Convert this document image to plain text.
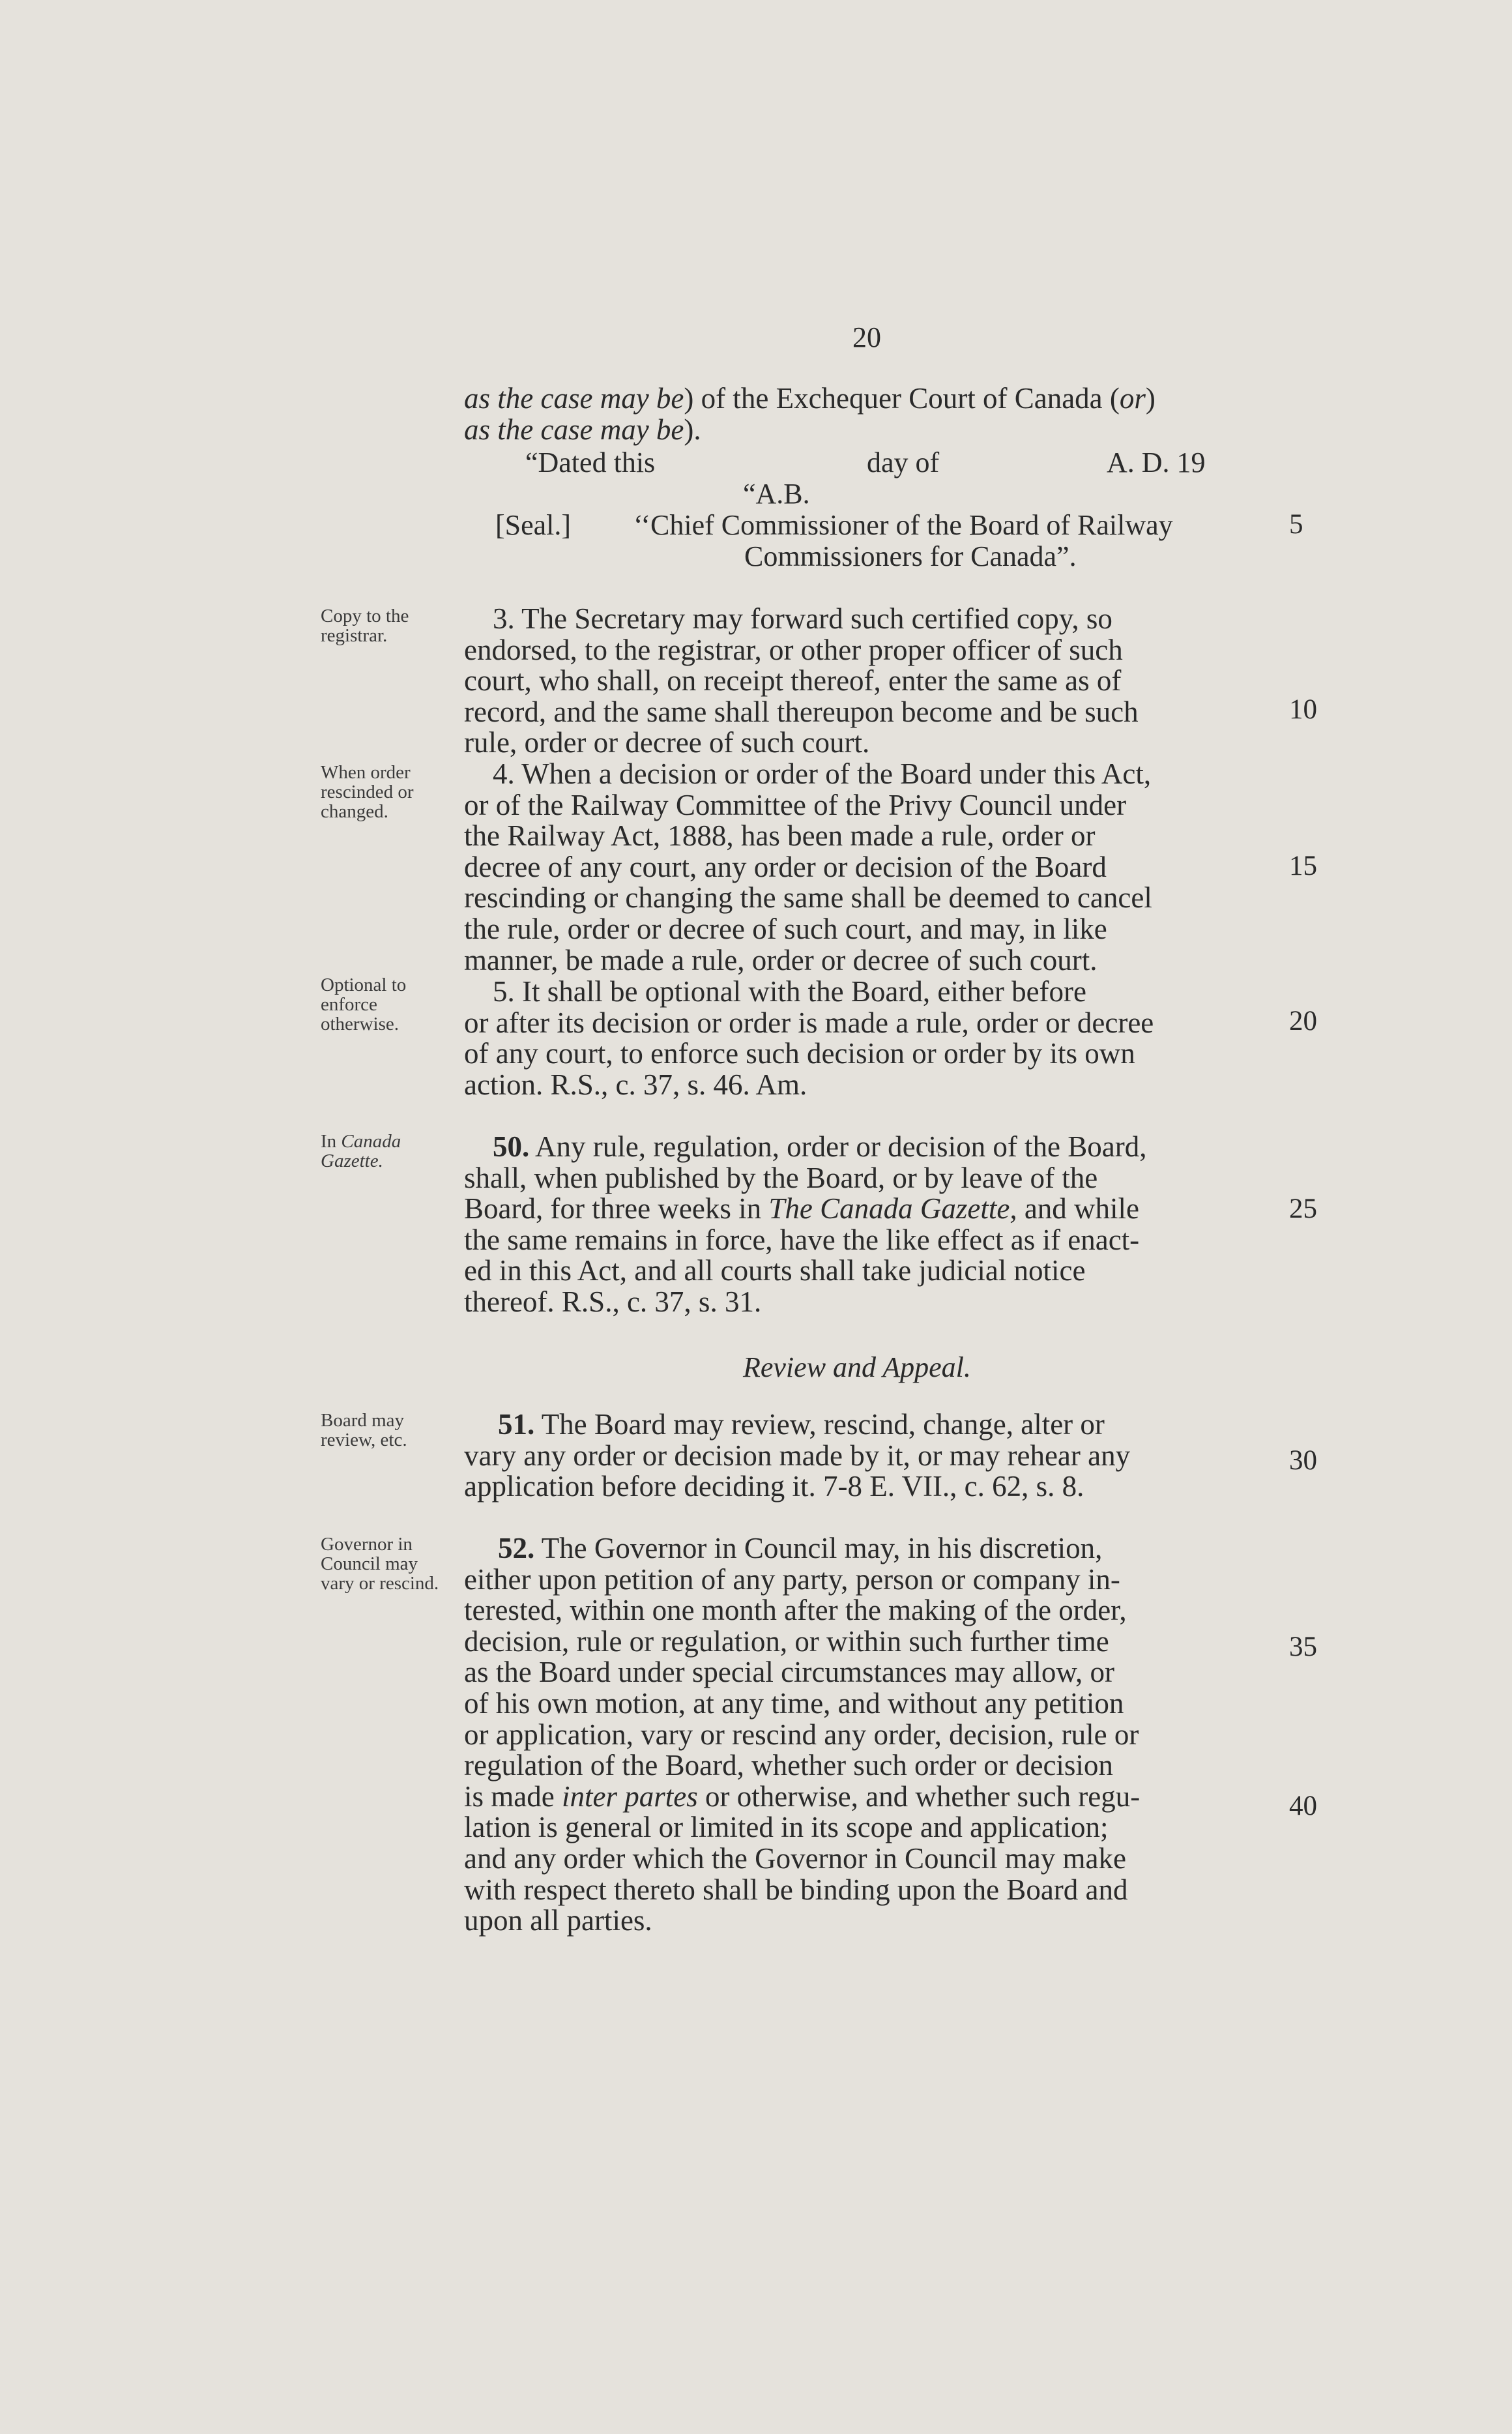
20
as the case may be) of the Exchequer Court of Canada (or)
as the case may be).
“Dated this	day of	A. D. 19
“A.B.
[Seal.] ‘‘Chief Commissioner of the Board of Railway
Commissioners for Canada”.
5
10
15
20
25
30
35
40
Copy to the registrar.
When order rescinded or changed.
Optional to enforce otherwise.
In Canada Gazette.
Board may review, etc.
Governor in Council may vary or rescind.
3. The Secretary may forward such certified copy, so
endorsed, to the registrar, or other proper officer of such
court, who shall, on receipt thereof, enter the same as of
record, and the same shall thereupon become and be such
rule, order or decree of such court.
4. When a decision or order of the Board under this Act,
or of the Railway Committee of the Privy Council under
the Railway Act, 1888, has been made a rule, order or
decree of any court, any order or decision of the Board
rescinding or changing the same shall be deemed to cancel
the rule, order or decree of such court, and may, in like
manner, be made a rule, order or decree of such court.
5. It shall be optional with the Board, either before
or after its decision or order is made a rule, order or decree
of any court, to enforce such decision or order by its own
action. R.S., c. 37, s. 46. Am.
50. Any rule, regulation, order or decision of the Board,
shall, when published by the Board, or by leave of the
Board, for three weeks in The Canada Gazette, and while
the same remains in force, have the like effect as if enact-
ed in this Act, and all courts shall take judicial notice
thereof. R.S., c. 37, s. 31.
Review and Appeal.
51. The Board may review, rescind, change, alter or
vary any order or decision made by it, or may rehear any
application before deciding it. 7-8 E. VII., c. 62, s. 8.
52. The Governor in Council may, in his discretion,
either upon petition of any party, person or company in-
terested, within one month after the making of the order,
decision, rule or regulation, or within such further time
as the Board under special circumstances may allow, or
of his own motion, at any time, and without any petition
or application, vary or rescind any order, decision, rule or
regulation of the Board, whether such order or decision
is made inter partes or otherwise, and whether such regu-
lation is general or limited in its scope and application;
and any order which the Governor in Council may make
with respect thereto shall be binding upon the Board and
upon all parties.
